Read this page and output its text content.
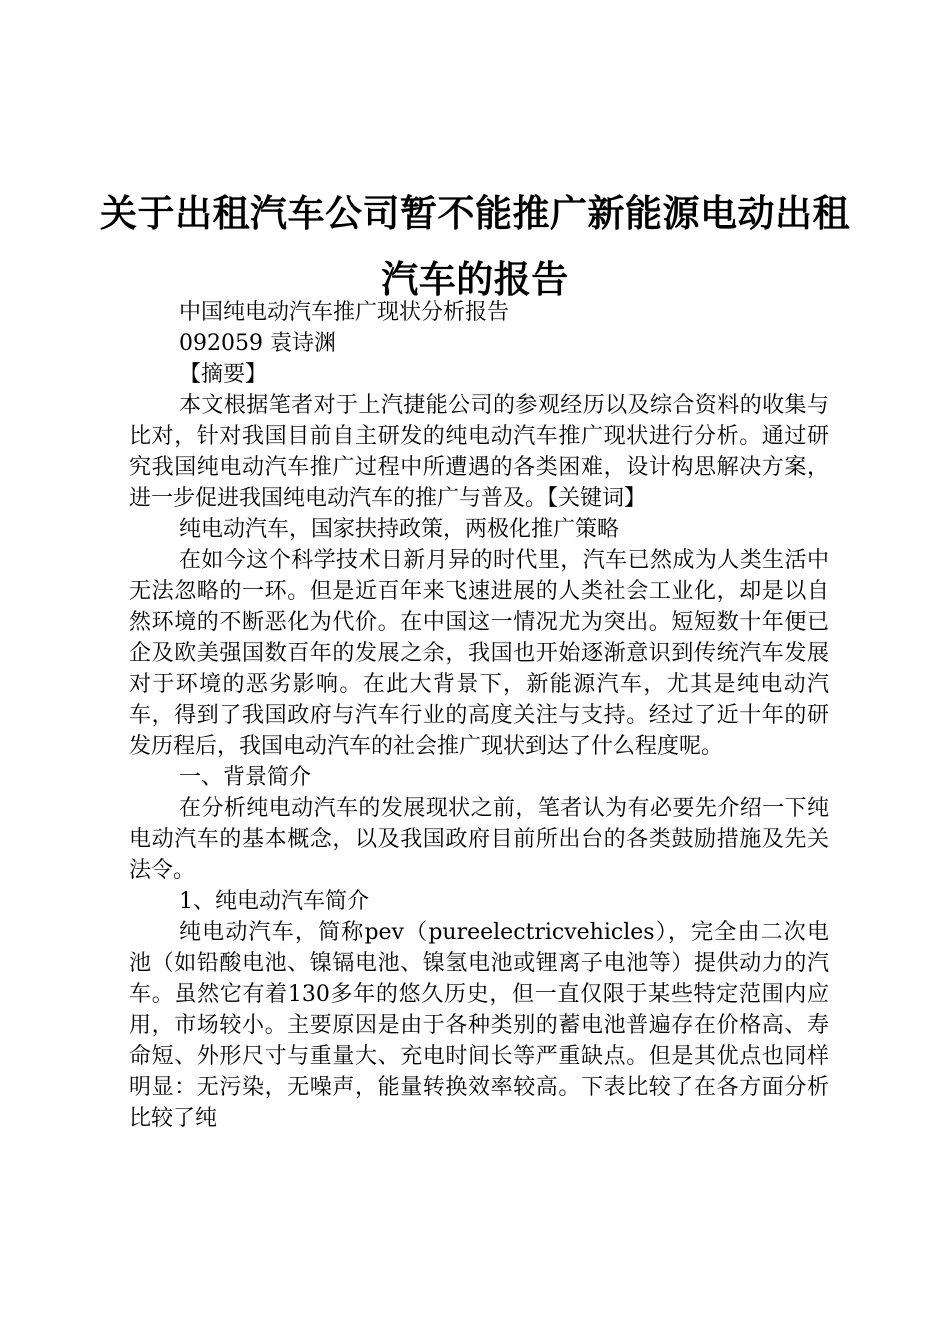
关于出租汽车公司暂不能推广新能源电动出租汽车的报告

中国纯电动汽车推广现状分析报告

092059 袁诗渊

【摘要】

本文根据笔者对于上汽捷能公司的参观经历以及综合资料的收集与比对，针对我国目前自主研发的纯电动汽车推广现状进行分析。通过研究我国纯电动汽车推广过程中所遭遇的各类困难，设计构思解决方案，进一步促进我国纯电动汽车的推广与普及。【关键词】

纯电动汽车，国家扶持政策，两极化推广策略

在如今这个科学技术日新月异的时代里，汽车已然成为人类生活中无法忽略的一环。但是近百年来飞速进展的人类社会工业化，却是以自然环境的不断恶化为代价。在中国这一情况尤为突出。短短数十年便已企及欧美强国数百年的发展之余，我国也开始逐渐意识到传统汽车发展对于环境的恶劣影响。在此大背景下，新能源汽车，尤其是纯电动汽车，得到了我国政府与汽车行业的高度关注与支持。经过了近十年的研发历程后，我国电动汽车的社会推广现状到达了什么程度呢。

一、背景简介

在分析纯电动汽车的发展现状之前，笔者认为有必要先介绍一下纯电动汽车的基本概念，以及我国政府目前所出台的各类鼓励措施及先关法令。

1、纯电动汽车简介

纯电动汽车，简称pev（pureelectricvehicles），完全由二次电池（如铅酸电池、镍镉电池、镍氢电池或锂离子电池等）提供动力的汽车。虽然它有着130多年的悠久历史，但一直仅限于某些特定范围内应用，市场较小。主要原因是由于各种类别的蓄电池普遍存在价格高、寿命短、外形尺寸与重量大、充电时间长等严重缺点。但是其优点也同样明显：无污染，无噪声，能量转换效率较高。下表比较了在各方面分析比较了纯
